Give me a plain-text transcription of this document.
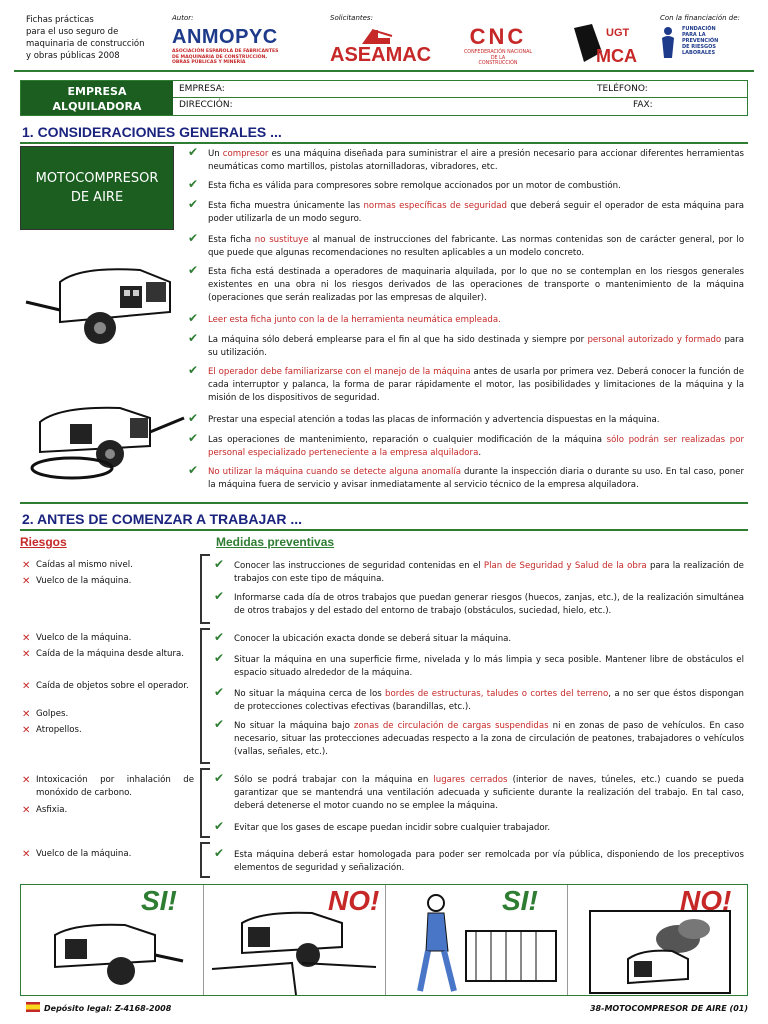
Fichas prácticas
para el uso seguro de
maquinaria de construcción
y obras públicas 2008
Autor:	Solicitantes:	Con la financiación de:
ANMOPYC
ASOCIACIÓN ESPAÑOLA DE FABRICANTES
DE MAQUINARIA DE CONSTRUCCIÓN,
OBRAS PÚBLICAS Y MINERÍA	ASEAMAC
CNC
CONFEDERACIÓN NACIONAL
DE LA
CONSTRUCCIÓN
UGT
MCA
FUNDACIÓN
PARA LA
PREVENCIÓN
DE RIESGOS
LABORALES
EMPRESA
ALQUILADORA
EMPRESA:	TELÉFONO:
DIRECCIÓN:	FAX:
1. CONSIDERACIONES GENERALES ...
MOTOCOMPRESOR
DE AIRE
✔ Un compresor es una máquina diseñada para suministrar el aire a presión necesario para accionar diferentes herramientas neumáticas como martillos, pistolas atornilladoras, vibradores, etc.
✔ Esta ficha es válida para compresores sobre remolque accionados por un motor de combustión.
✔ Esta ficha muestra únicamente las normas específicas de seguridad que deberá seguir el operador de esta máquina para poder utilizarla de un modo seguro.
✔ Esta ficha no sustituye al manual de instrucciones del fabricante. Las normas contenidas son de carácter general, por lo que puede que algunas recomendaciones no resulten aplicables a un modelo concreto.
✔ Esta ficha está destinada a operadores de maquinaria alquilada, por lo que no se contemplan en los riesgos generales existentes en una obra ni los riesgos derivados de las operaciones de transporte o mantenimiento de la máquina (operaciones que serán realizadas por las empresas de alquiler).
✔ Leer esta ficha junto con la de la herramienta neumática empleada.
✔ La máquina sólo deberá emplearse para el fin al que ha sido destinada y siempre por personal autorizado y formado para su utilización.
✔ El operador debe familiarizarse con el manejo de la máquina antes de usarla por primera vez. Deberá conocer la función de cada interruptor y palanca, la forma de parar rápidamente el motor, las posibilidades y limitaciones de la máquina y la misión de los dispositivos de seguridad.
✔ Prestar una especial atención a todas las placas de información y advertencia dispuestas en la máquina.
✔ Las operaciones de mantenimiento, reparación o cualquier modificación de la máquina sólo podrán ser realizadas por personal especializado perteneciente a la empresa alquiladora.
✔ No utilizar la máquina cuando se detecte alguna anomalía durante la inspección diaria o durante su uso. En tal caso, poner la máquina fuera de servicio y avisar inmediatamente al servicio técnico de la empresa alquiladora.
2. ANTES DE COMENZAR A TRABAJAR ...
Riesgos	Medidas preventivas
✕ Caídas al mismo nivel.
✕ Vuelco de la máquina.
✔ Conocer las instrucciones de seguridad contenidas en el Plan de Seguridad y Salud de la obra para la realización de trabajos con este tipo de máquina.
✔ Informarse cada día de otros trabajos que puedan generar riesgos (huecos, zanjas, etc.), de la realización simultánea de otros trabajos y del estado del entorno de trabajo (obstáculos, suciedad, hielo, etc.).
✕ Vuelco de la máquina.
✕ Caída de la máquina desde altura.
✕ Caída de objetos sobre el operador.
✕ Golpes.
✕ Atropellos.
✔ Conocer la ubicación exacta donde se deberá situar la máquina.
✔ Situar la máquina en una superficie firme, nivelada y lo más limpia y seca posible. Mantener libre de obstáculos el espacio situado alrededor de la máquina.
✔ No situar la máquina cerca de los bordes de estructuras, taludes o cortes del terreno, a no ser que éstos dispongan de protecciones colectivas efectivas (barandillas, etc.).
✔ No situar la máquina bajo zonas de circulación de cargas suspendidas ni en zonas de paso de vehículos. En caso necesario, situar las protecciones adecuadas respecto a la zona de circulación de peatones, trabajadores o vehículos (vallas, señales, etc.).
✕ Intoxicación por inhalación de monóxido de carbono.
✕ Asfixia.
✔ Sólo se podrá trabajar con la máquina en lugares cerrados (interior de naves, túneles, etc.) cuando se pueda garantizar que se mantendrá una ventilación adecuada y suficiente durante la realización del trabajo. En tal caso, deberá detenerse el motor cuando no se emplee la máquina.
✔ Evitar que los gases de escape puedan incidir sobre cualquier trabajador.
✕ Vuelco de la máquina.	✔ Esta máquina deberá estar homologada para poder ser remolcada por vía pública, disponiendo de los preceptivos elementos de seguridad y señalización.
SI!	NO!	SI!	NO!
Depósito legal: Z-4168-2008	38-MOTOCOMPRESOR DE AIRE (01)
